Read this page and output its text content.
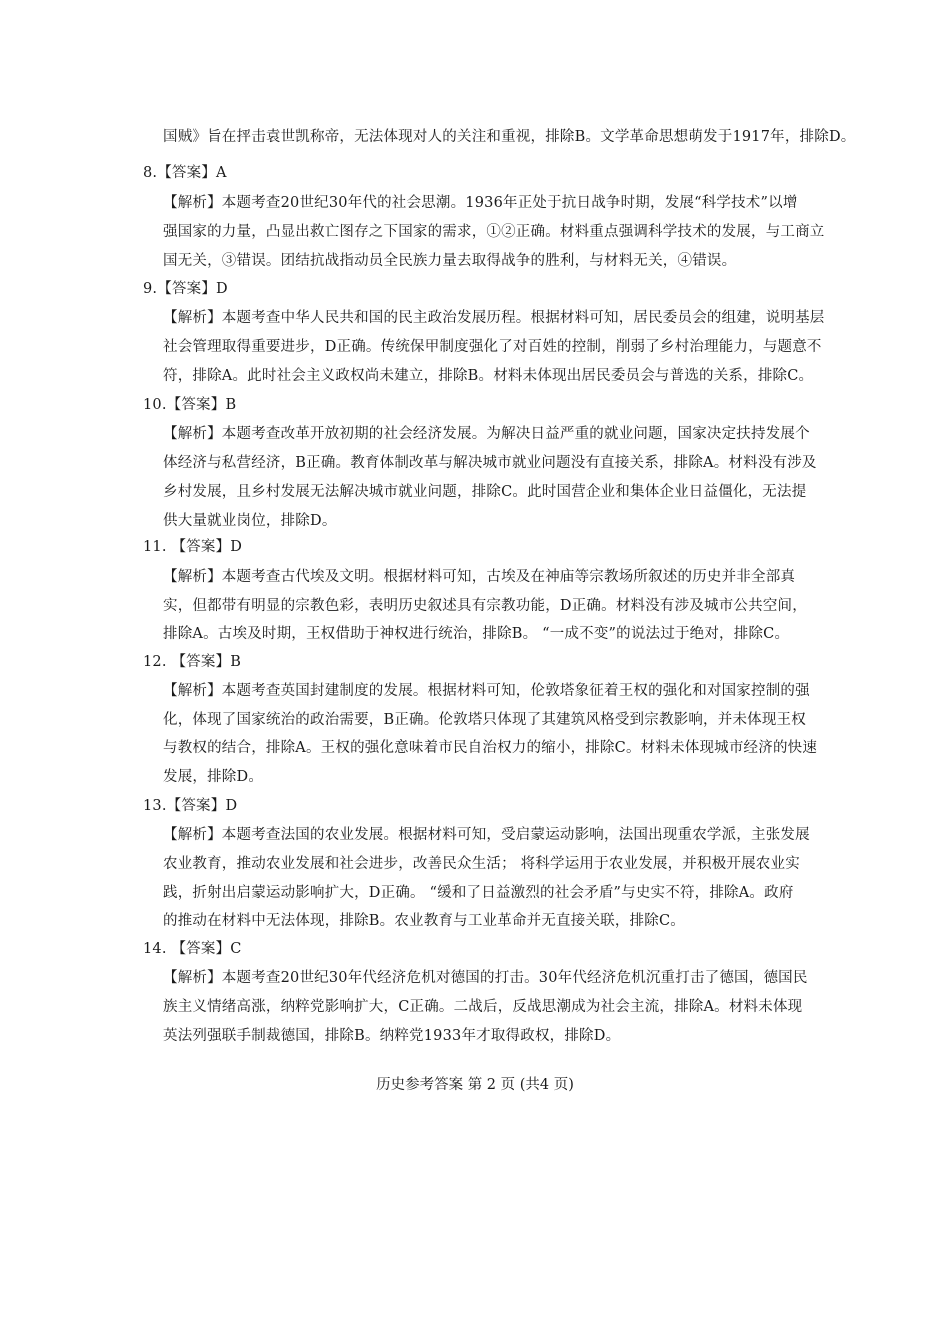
国贼》旨在抨击袁世凯称帝，无法体现对人的关注和重视，排除B。文学革命思想萌发于1917年，排除D。
8.【答案】A
【解析】本题考查20世纪30年代的社会思潮。1936年正处于抗日战争时期，发展“科学技术”以增
强国家的力量，凸显出救亡图存之下国家的需求，①②正确。材料重点强调科学技术的发展，与工商立
国无关，③错误。团结抗战指动员全民族力量去取得战争的胜利，与材料无关，④错误。
9.【答案】D
【解析】本题考查中华人民共和国的民主政治发展历程。根据材料可知，居民委员会的组建，说明基层
社会管理取得重要进步，D正确。传统保甲制度强化了对百姓的控制，削弱了乡村治理能力，与题意不
符，排除A。此时社会主义政权尚未建立，排除B。材料未体现出居民委员会与普选的关系，排除C。
10.【答案】B
【解析】本题考查改革开放初期的社会经济发展。为解决日益严重的就业问题，国家决定扶持发展个
体经济与私营经济，B正确。教育体制改革与解决城市就业问题没有直接关系，排除A。材料没有涉及
乡村发展，且乡村发展无法解决城市就业问题，排除C。此时国营企业和集体企业日益僵化，无法提
供大量就业岗位，排除D。
11. 【答案】D
【解析】本题考查古代埃及文明。根据材料可知，古埃及在神庙等宗教场所叙述的历史并非全部真
实，但都带有明显的宗教色彩，表明历史叙述具有宗教功能，D正确。材料没有涉及城市公共空间，
排除A。古埃及时期，王权借助于神权进行统治，排除B。 “一成不变”的说法过于绝对，排除C。
12. 【答案】B
【解析】本题考查英国封建制度的发展。根据材料可知，伦敦塔象征着王权的强化和对国家控制的强
化，体现了国家统治的政治需要，B正确。伦敦塔只体现了其建筑风格受到宗教影响，并未体现王权
与教权的结合，排除A。王权的强化意味着市民自治权力的缩小，排除C。材料未体现城市经济的快速
发展，排除D。
13.【答案】D
【解析】本题考查法国的农业发展。根据材料可知，受启蒙运动影响，法国出现重农学派，主张发展
农业教育，推动农业发展和社会进步，改善民众生活； 将科学运用于农业发展，并积极开展农业实
践，折射出启蒙运动影响扩大，D正确。 “缓和了日益激烈的社会矛盾”与史实不符，排除A。政府
的推动在材料中无法体现，排除B。农业教育与工业革命并无直接关联，排除C。
14. 【答案】C
【解析】本题考查20世纪30年代经济危机对德国的打击。30年代经济危机沉重打击了德国，德国民
族主义情绪高涨，纳粹党影响扩大，C正确。二战后，反战思潮成为社会主流，排除A。材料未体现
英法列强联手制裁德国，排除B。纳粹党1933年才取得政权，排除D。
历史参考答案 第 2 页 (共4 页)
